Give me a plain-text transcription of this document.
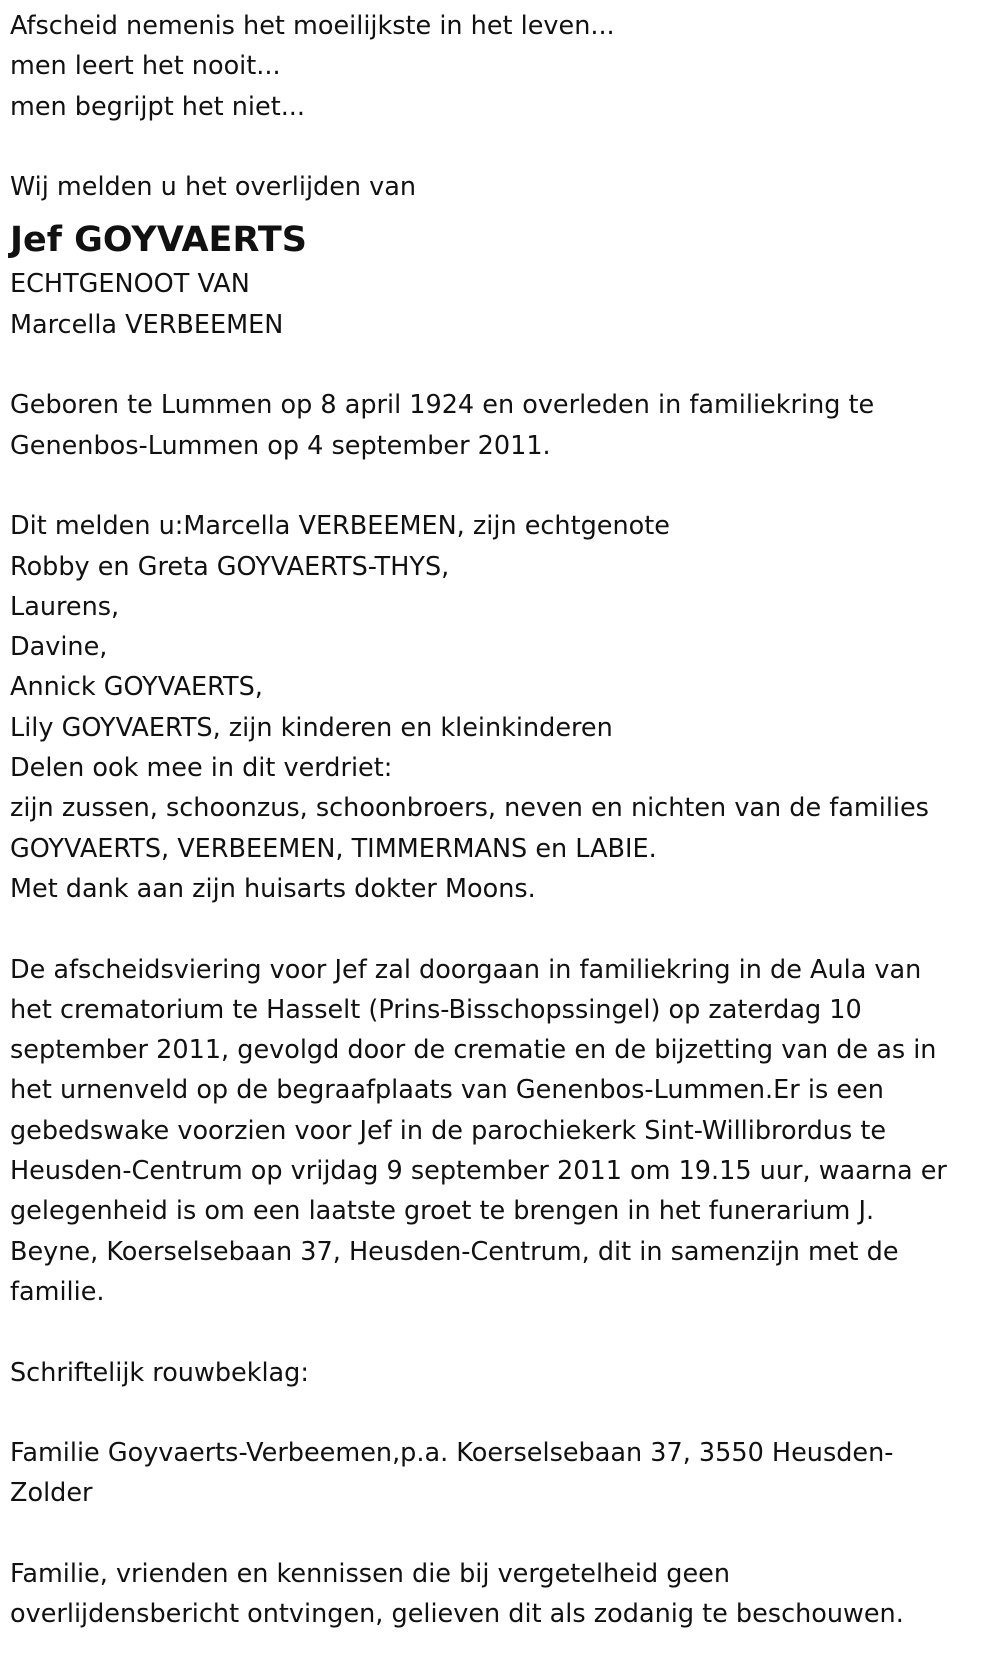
Afscheid nemenis het moeilijkste in het leven...
men leert het nooit...
men begrijpt het niet...
Wij melden u het overlijden van
Jef GOYVAERTS
ECHTGENOOT VAN
Marcella VERBEEMEN
Geboren te Lummen op 8 april 1924 en overleden in familiekring te
Genenbos-Lummen op 4 september 2011.
Dit melden u:Marcella VERBEEMEN, zijn echtgenote
Robby en Greta GOYVAERTS-THYS,
Laurens,
Davine,
Annick GOYVAERTS,
Lily GOYVAERTS, zijn kinderen en kleinkinderen
Delen ook mee in dit verdriet:
zijn zussen, schoonzus, schoonbroers, neven en nichten van de families
GOYVAERTS, VERBEEMEN, TIMMERMANS en LABIE.
Met dank aan zijn huisarts dokter Moons.
De afscheidsviering voor Jef zal doorgaan in familiekring in de Aula van
het crematorium te Hasselt (Prins-Bisschopssingel) op zaterdag 10
september 2011, gevolgd door de crematie en de bijzetting van de as in
het urnenveld op de begraafplaats van Genenbos-Lummen.Er is een
gebedswake voorzien voor Jef in de parochiekerk Sint-Willibrordus te
Heusden-Centrum op vrijdag 9 september 2011 om 19.15 uur, waarna er
gelegenheid is om een laatste groet te brengen in het funerarium J.
Beyne, Koerselsebaan 37, Heusden-Centrum, dit in samenzijn met de
familie.
Schriftelijk rouwbeklag:
Familie Goyvaerts-Verbeemen,p.a. Koerselsebaan 37, 3550 Heusden-
Zolder
Familie, vrienden en kennissen die bij vergetelheid geen
overlijdensbericht ontvingen, gelieven dit als zodanig te beschouwen.
